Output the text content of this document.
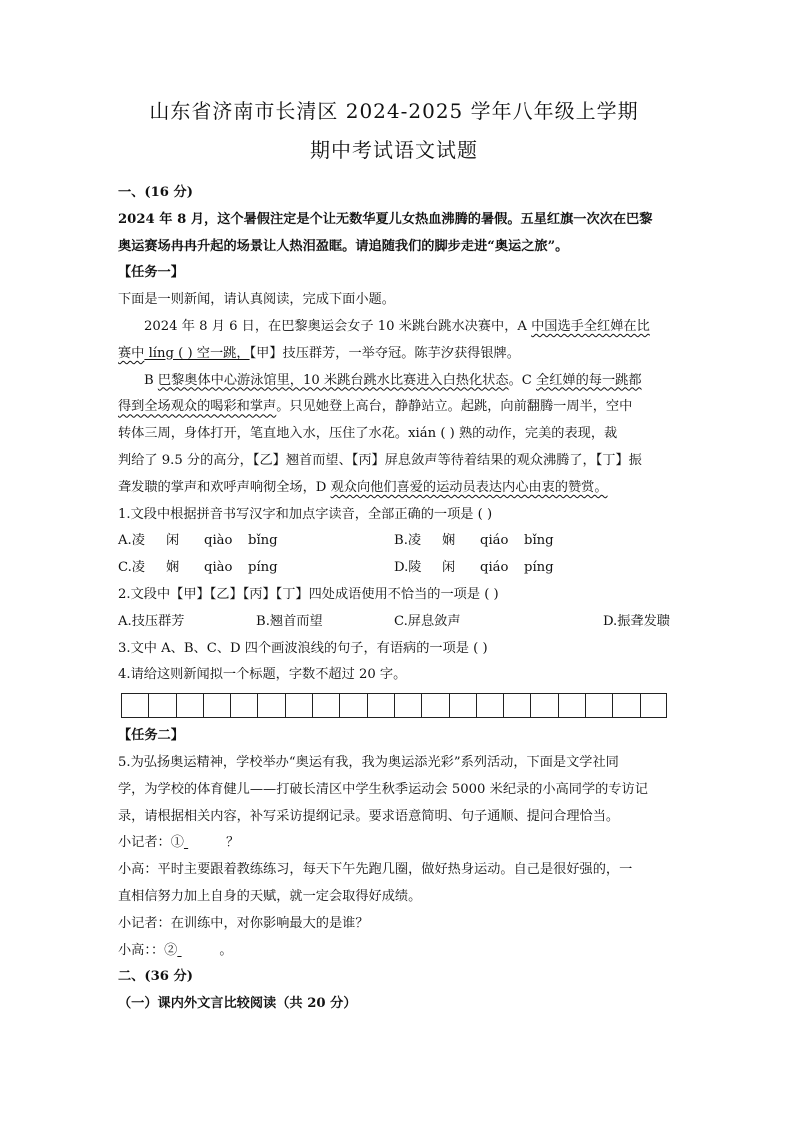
山东省济南市长清区 2024-2025 学年八年级上学期
期中考试语文试题
一、(16 分)
2024 年 8 月，这个暑假注定是个让无数华夏儿女热血沸腾的暑假。五星红旗一次次在巴黎
奥运赛场冉冉升起的场景让人热泪盈眶。请追随我们的脚步走进“奥运之旅”。
【任务一】
下面是一则新闻，请认真阅读，完成下面小题。
2024 年 8 月 6 日，在巴黎奥运会女子 10 米跳台跳水决赛中，A 中国选手全红婵在比
赛中 líng ( ) 空一跳，【甲】技压群芳，一举夺冠。陈芋汐获得银牌。
B 巴黎奥体中心游泳馆里，10 米跳台跳水比赛进入白热化状态。C 全红婵的每一跳都
得到全场观众的喝彩和掌声。只见她登上高台，静静站立。起跳，向前翻腾一周半，空中
转体三周，身体打开，笔直地入水，压住了水花。xián ( ) 熟的动作，完美的表现，裁
判给了 9.5 分的高分，【乙】翘首而望、【丙】屏息敛声等待着结果的观众沸腾了，【丁】振
聋发聩的掌声和欢呼声响彻全场，D 观众向他们喜爱的运动员表达内心由衷的赞赏。
1.文段中根据拼音书写汉字和加点字读音，全部正确的一项是 ( )
A.凌	闲	qiào	bǐng	B.凌	娴	qiáo	bǐng
C.凌	娴	qiào	píng	D.陵	闲	qiáo	píng
2.文段中【甲】【乙】【丙】【丁】四处成语使用不恰当的一项是 ( )
A.技压群芳	B.翘首而望	C.屏息敛声	D.振聋发聩
3.文中 A、B、C、D 四个画波浪线的句子，有语病的一项是 ( )
4.请给这则新闻拟一个标题，字数不超过 20 字。
【任务二】
5.为弘扬奥运精神，学校举办“奥运有我，我为奥运添光彩”系列活动，下面是文学社同
学，为学校的体育健儿——打破长清区中学生秋季运动会 5000 米纪录的小高同学的专访记
录，请根据相关内容，补写采访提纲记录。要求语意简明、句子通顺、提问合理恰当。
小记者：①	？
小高：平时主要跟着教练练习，每天下午先跑几圈，做好热身运动。自己是很好强的，一
直相信努力加上自身的天赋，就一定会取得好成绩。
小记者：在训练中，对你影响最大的是谁？
小高：：②	。
二、(36 分)
（一）课内外文言比较阅读（共 20 分）
